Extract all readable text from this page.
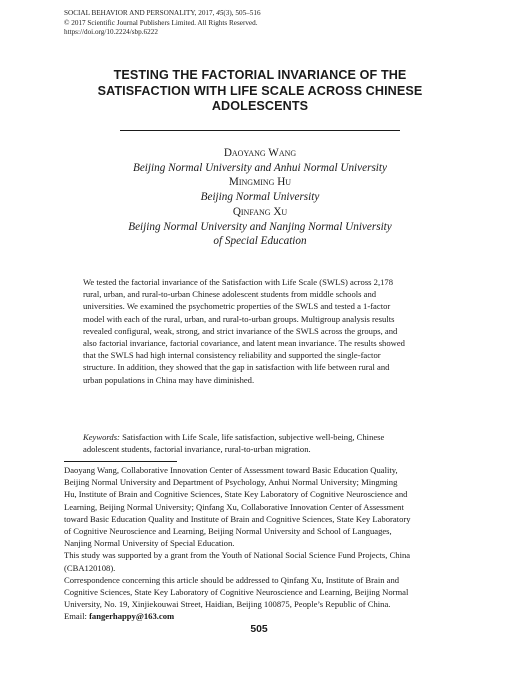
SOCIAL BEHAVIOR AND PERSONALITY, 2017, 45(3), 505–516
© 2017 Scientific Journal Publishers Limited. All Rights Reserved.
https://doi.org/10.2224/sbp.6222
TESTING THE FACTORIAL INVARIANCE OF THE
SATISFACTION WITH LIFE SCALE ACROSS CHINESE
ADOLESCENTS
Daoyang Wang
Beijing Normal University and Anhui Normal University
Mingming Hu
Beijing Normal University
Qinfang Xu
Beijing Normal University and Nanjing Normal University
of Special Education
We tested the factorial invariance of the Satisfaction with Life Scale (SWLS) across 2,178
rural, urban, and rural-to-urban Chinese adolescent students from middle schools and
universities. We examined the psychometric properties of the SWLS and tested a 1-factor
model with each of the rural, urban, and rural-to-urban groups. Multigroup analysis results
revealed configural, weak, strong, and strict invariance of the SWLS across the groups, and
also factorial invariance, factorial covariance, and latent mean invariance. The results showed
that the SWLS had high internal consistency reliability and supported the single-factor
structure. In addition, they showed that the gap in satisfaction with life between rural and
urban populations in China may have diminished.
Keywords: Satisfaction with Life Scale, life satisfaction, subjective well-being, Chinese
adolescent students, factorial invariance, rural-to-urban migration.
Daoyang Wang, Collaborative Innovation Center of Assessment toward Basic Education Quality,
Beijing Normal University and Department of Psychology, Anhui Normal University; Mingming
Hu, Institute of Brain and Cognitive Sciences, State Key Laboratory of Cognitive Neuroscience and
Learning, Beijing Normal University; Qinfang Xu, Collaborative Innovation Center of Assessment
toward Basic Education Quality and Institute of Brain and Cognitive Sciences, State Key Laboratory
of Cognitive Neuroscience and Learning, Beijing Normal University and School of Languages,
Nanjing Normal University of Special Education.
This study was supported by a grant from the Youth of National Social Science Fund Projects, China
(CBA120108).
Correspondence concerning this article should be addressed to Qinfang Xu, Institute of Brain and
Cognitive Sciences, State Key Laboratory of Cognitive Neuroscience and Learning, Beijing Normal
University, No. 19, Xinjiekouwai Street, Haidian, Beijing 100875, People’s Republic of China.
Email: fangerhappy@163.com
505
